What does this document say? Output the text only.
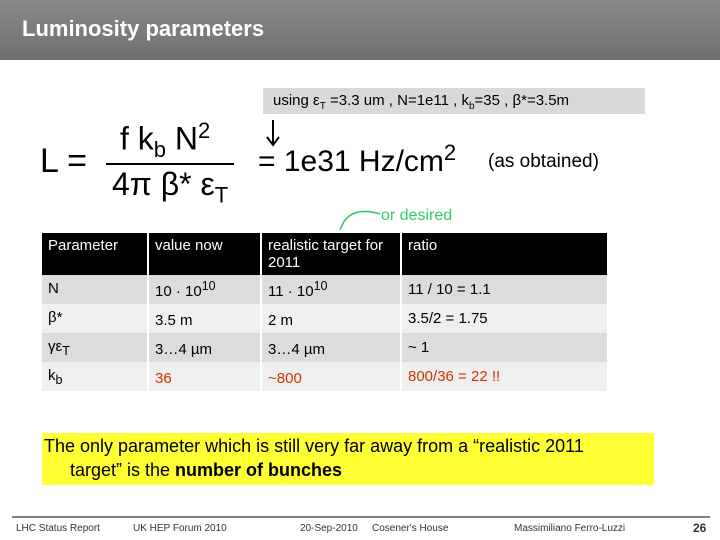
Luminosity parameters
using $\varepsilon_T =3.3$ um , N=1e11 , $k_b=35$ , β*=3.5m
L =
f $k_b$ $N^2$
4π β* $\varepsilon_T$
= 1e31 $Hz/cm^2$ (as obtained)
or desired
Parameter	value now	realistic target for 2011	ratio
N	$10 \cdot 10^{10}$	$11 \cdot 10^{10}$	11 / 10 = 1.1
β*	3.5 m	2 m	3.5/2 = 1.75
$\gamma\varepsilon_T$	3…4 µm	3…4 µm	~ 1
$k_b$	36	~800	800/36 = 22 !!
The only parameter which is still very far away from a “realistic 2011
target” is the number of bunches
LHC Status Report	UK HEP Forum 2010	20-Sep-2010 Cosener's House	Massimiliano Ferro-Luzzi	26
